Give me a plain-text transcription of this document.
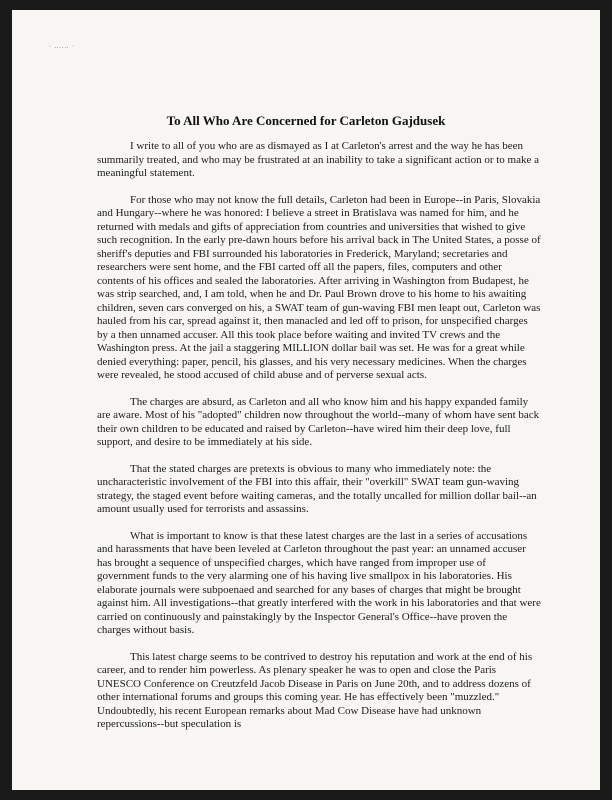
· ...... ·
To All Who Are Concerned for Carleton Gajdusek

I write to all of you who are as dismayed as I at Carleton's arrest and the way he has been summarily treated, and who may be frustrated at an inability to take a significant action or to make a meaningful statement.

For those who may not know the full details, Carleton had been in Europe--in Paris, Slovakia and Hungary--where he was honored: I believe a street in Bratislava was named for him, and he returned with medals and gifts of appreciation from countries and universities that wished to give such recognition. In the early pre-dawn hours before his arrival back in The United States, a posse of sheriff's deputies and FBI surrounded his laboratories in Frederick, Maryland; secretaries and researchers were sent home, and the FBI carted off all the papers, files, computers and other contents of his offices and sealed the laboratories. After arriving in Washington from Budapest, he was strip searched, and, I am told, when he and Dr. Paul Brown drove to his home to his awaiting children, seven cars converged on his, a SWAT team of gun-waving FBI men leapt out, Carleton was hauled from his car, spread against it, then manacled and led off to prison, for unspecified charges by a then unnamed accuser. All this took place before waiting and invited TV crews and the Washington press. At the jail a staggering MILLION dollar bail was set. He was for a great while denied everything: paper, pencil, his glasses, and his very necessary medicines. When the charges were revealed, he stood accused of child abuse and of perverse sexual acts.

The charges are absurd, as Carleton and all who know him and his happy expanded family are aware. Most of his "adopted" children now throughout the world--many of whom have sent back their own children to be educated and raised by Carleton--have wired him their deep love, full support, and desire to be immediately at his side.

That the stated charges are pretexts is obvious to many who immediately note: the uncharacteristic involvement of the FBI into this affair, their "overkill" SWAT team gun-waving strategy, the staged event before waiting cameras, and the totally uncalled for million dollar bail--an amount usually used for terrorists and assassins.

What is important to know is that these latest charges are the last in a series of accusations and harassments that have been leveled at Carleton throughout the past year: an unnamed accuser has brought a sequence of unspecified charges, which have ranged from improper use of government funds to the very alarming one of his having live smallpox in his laboratories. His elaborate journals were subpoenaed and searched for any bases of charges that might be brought against him. All investigations--that greatly interfered with the work in his laboratories and that were carried on continuously and painstakingly by the Inspector General's Office--have proven the charges without basis.

This latest charge seems to be contrived to destroy his reputation and work at the end of his career, and to render him powerless. As plenary speaker he was to open and close the Paris UNESCO Conference on Creutzfeld Jacob Disease in Paris on June 20th, and to address dozens of other international forums and groups this coming year. He has effectively been "muzzled." Undoubtedly, his recent European remarks about Mad Cow Disease have had unknown repercussions--but speculation is
